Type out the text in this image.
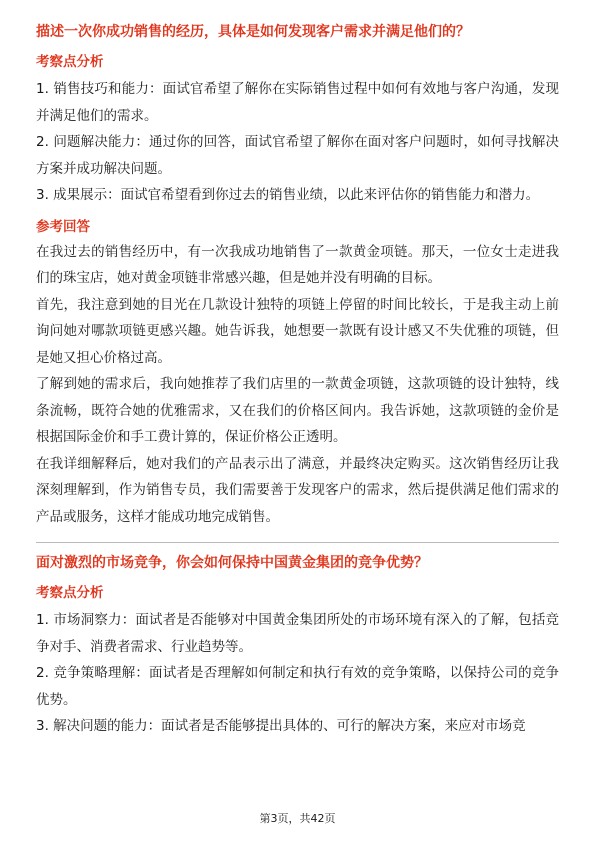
描述一次你成功销售的经历，具体是如何发现客户需求并满足他们的？

考察点分析

1. 销售技巧和能力：面试官希望了解你在实际销售过程中如何有效地与客户沟通，发现并满足他们的需求。

2. 问题解决能力：通过你的回答，面试官希望了解你在面对客户问题时，如何寻找解决方案并成功解决问题。

3. 成果展示：面试官希望看到你过去的销售业绩，以此来评估你的销售能力和潜力。

参考回答

在我过去的销售经历中，有一次我成功地销售了一款黄金项链。那天，一位女士走进我们的珠宝店，她对黄金项链非常感兴趣，但是她并没有明确的目标。

首先，我注意到她的目光在几款设计独特的项链上停留的时间比较长，于是我主动上前询问她对哪款项链更感兴趣。她告诉我，她想要一款既有设计感又不失优雅的项链，但是她又担心价格过高。

了解到她的需求后，我向她推荐了我们店里的一款黄金项链，这款项链的设计独特，线条流畅，既符合她的优雅需求，又在我们的价格区间内。我告诉她，这款项链的金价是根据国际金价和手工费计算的，保证价格公正透明。

在我详细解释后，她对我们的产品表示出了满意，并最终决定购买。这次销售经历让我深刻理解到，作为销售专员，我们需要善于发现客户的需求，然后提供满足他们需求的产品或服务，这样才能成功地完成销售。

面对激烈的市场竞争，你会如何保持中国黄金集团的竞争优势？

考察点分析

1. 市场洞察力：面试者是否能够对中国黄金集团所处的市场环境有深入的了解，包括竞争对手、消费者需求、行业趋势等。

2. 竞争策略理解：面试者是否理解如何制定和执行有效的竞争策略，以保持公司的竞争优势。

3. 解决问题的能力：面试者是否能够提出具体的、可行的解决方案，来应对市场竞

第3页，共42页
